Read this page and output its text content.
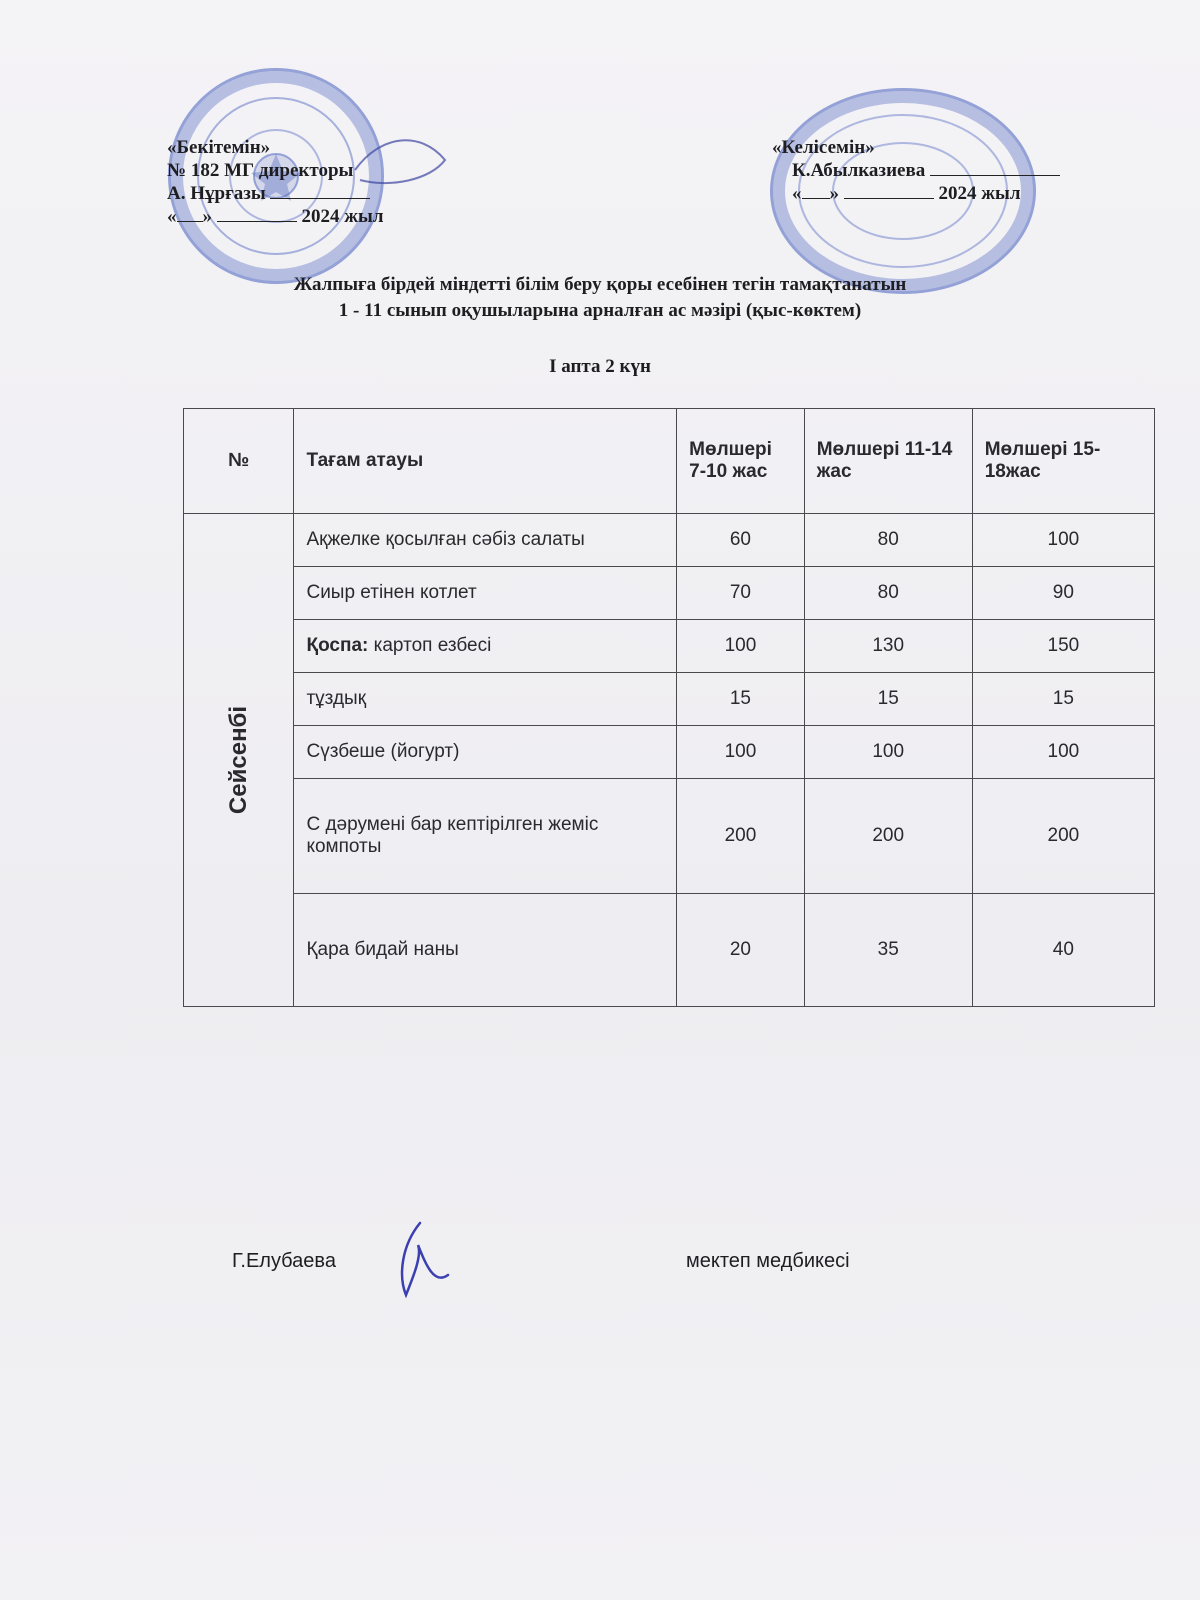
«Бекітемін»
№ 182 МГ директоры
А. Нұрғазы
« »	2024 жыл
«Келісемін»
К.Абылказиева
« »	2024 жыл
Жалпыға бірдей міндетті білім беру қоры есебінен тегін тамақтанатын
1 - 11 сынып оқушыларына арналған ас мәзірі (қыс-көктем)
I апта 2 күн
№	Тағам атауы	Мөлшері 7-10 жас	Мөлшері 11-14 жас	Мөлшері 15-18жас
Сейсенбі	Ақжелке қосылған сәбіз салаты	60	80	100
	Сиыр етінен котлет	70	80	90
	Қоспа: картоп езбесі	100	130	150
	тұздық	15	15	15
	Сүзбеше (йогурт)	100	100	100
	С дәрумені бар кептірілген жеміс компоты	200	200	200
	Қара бидай наны	20	35	40
Г.Елубаева	мектеп медбикесі
